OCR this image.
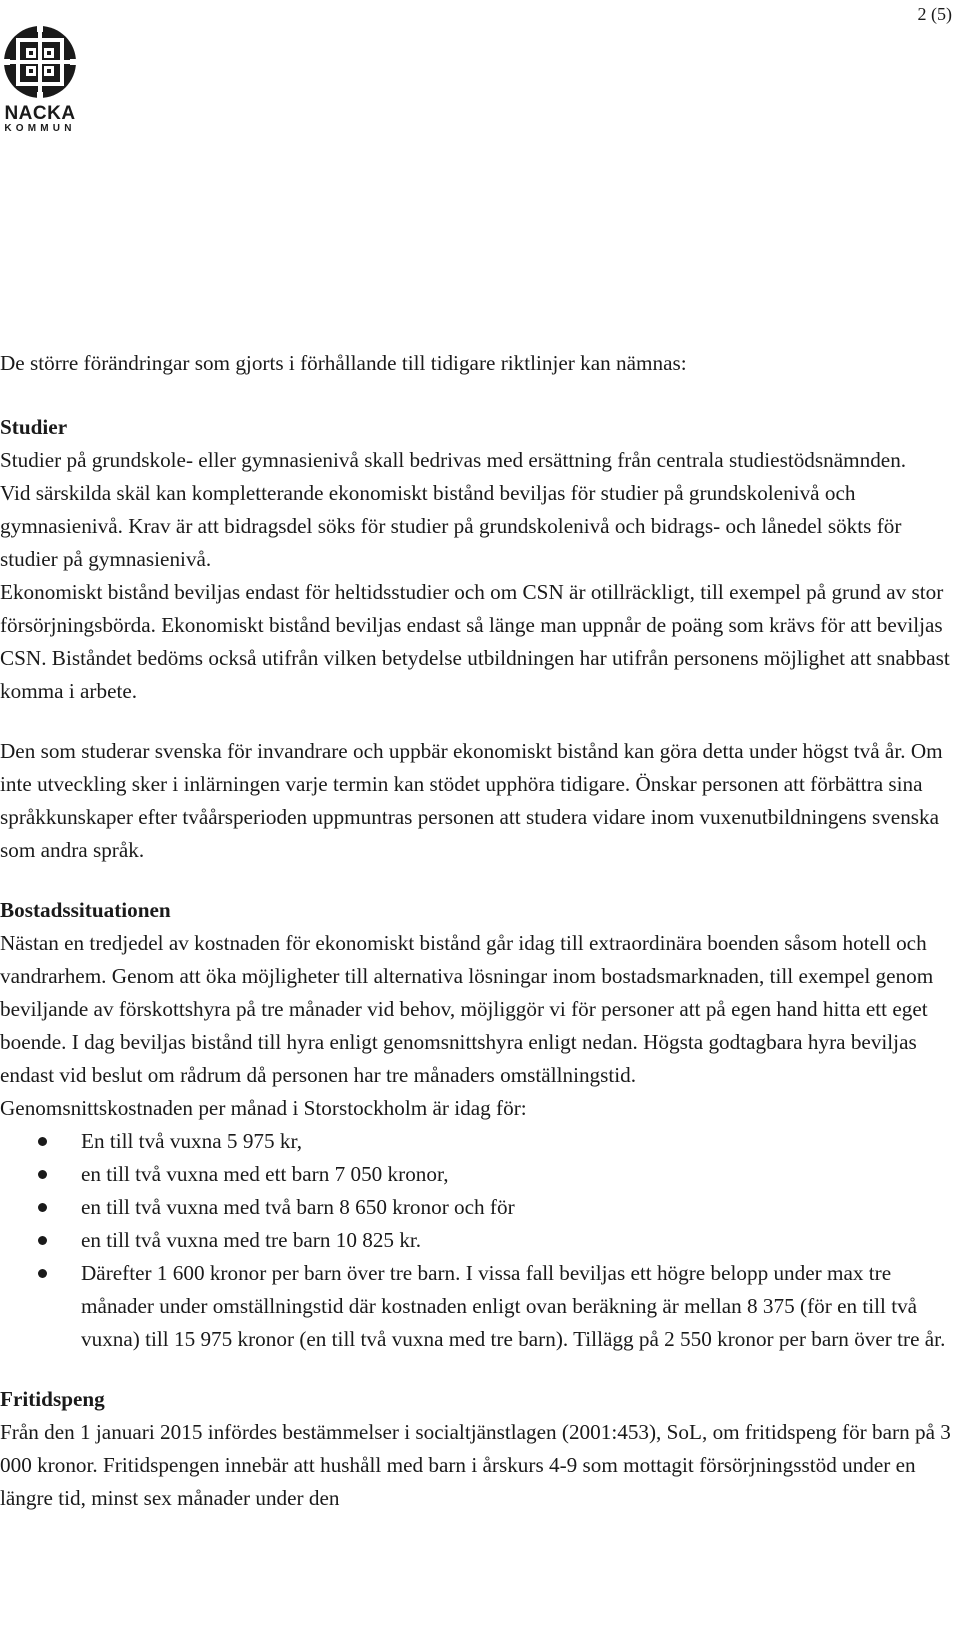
2 (5)
NACKA
KOMMUN

De större förändringar som gjorts i förhållande till tidigare riktlinjer kan nämnas:

Studier

Studier på grundskole- eller gymnasienivå skall bedrivas med ersättning från centrala studiestödsnämnden.

Vid särskilda skäl kan kompletterande ekonomiskt bistånd beviljas för studier på grundskolenivå och gymnasienivå. Krav är att bidragsdel söks för studier på grundskolenivå och bidrags- och lånedel sökts för studier på gymnasienivå.

Ekonomiskt bistånd beviljas endast för heltidsstudier och om CSN är otillräckligt, till exempel på grund av stor försörjningsbörda. Ekonomiskt bistånd beviljas endast så länge man uppnår de poäng som krävs för att beviljas CSN. Biståndet bedöms också utifrån vilken betydelse utbildningen har utifrån personens möjlighet att snabbast komma i arbete.

Den som studerar svenska för invandrare och uppbär ekonomiskt bistånd kan göra detta under högst två år. Om inte utveckling sker i inlärningen varje termin kan stödet upphöra tidigare. Önskar personen att förbättra sina språkkunskaper efter tvåårsperioden uppmuntras personen att studera vidare inom vuxenutbildningens svenska som andra språk.

Bostadssituationen

Nästan en tredjedel av kostnaden för ekonomiskt bistånd går idag till extraordinära boenden såsom hotell och vandrarhem. Genom att öka möjligheter till alternativa lösningar inom bostadsmarknaden, till exempel genom beviljande av förskottshyra på tre månader vid behov, möjliggör vi för personer att på egen hand hitta ett eget boende. I dag beviljas bistånd till hyra enligt genomsnittshyra enligt nedan. Högsta godtagbara hyra beviljas endast vid beslut om rådrum då personen har tre månaders omställningstid.

Genomsnittskostnaden per månad i Storstockholm är idag för:

En till två vuxna 5 975 kr,
en till två vuxna med ett barn 7 050 kronor,
en till två vuxna med två barn 8 650 kronor och för
en till två vuxna med tre barn 10 825 kr.
Därefter 1 600 kronor per barn över tre barn. I vissa fall beviljas ett högre belopp under max tre månader under omställningstid där kostnaden enligt ovan beräkning är mellan 8 375 (för en till två vuxna) till 15 975 kronor (en till två vuxna med tre barn). Tillägg på 2 550 kronor per barn över tre år.
Fritidspeng

Från den 1 januari 2015 infördes bestämmelser i socialtjänstlagen (2001:453), SoL, om fritidspeng för barn på 3 000 kronor. Fritidspengen innebär att hushåll med barn i årskurs 4-9 som mottagit försörjningsstöd under en längre tid, minst sex månader under den
